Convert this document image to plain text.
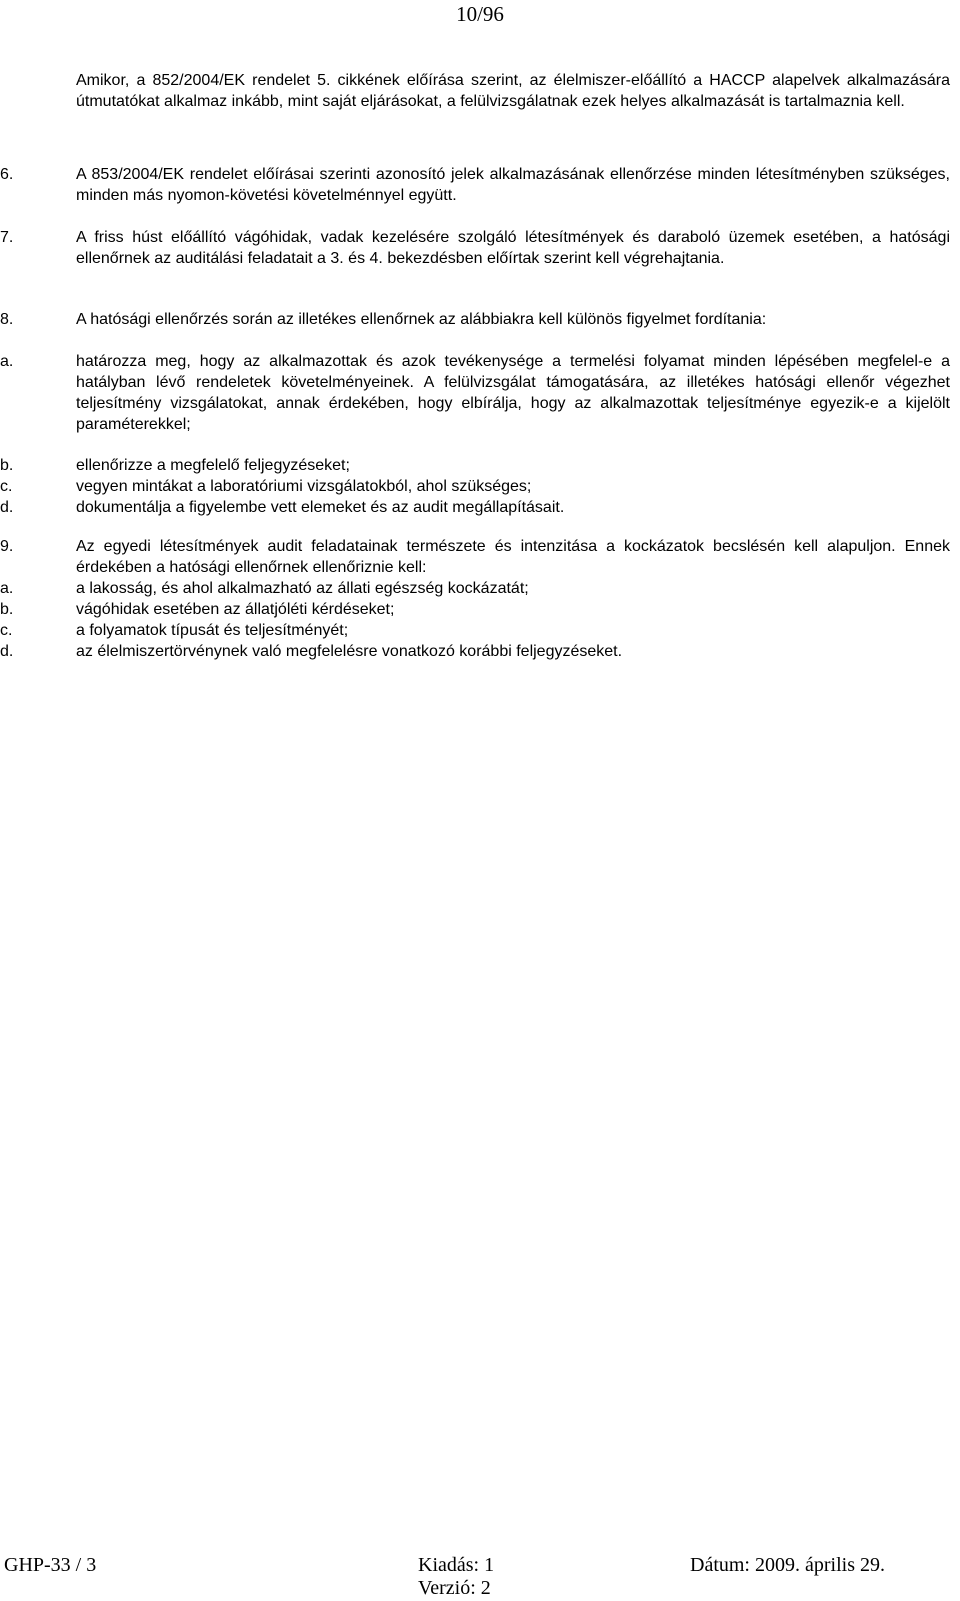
10/96

Amikor, a 852/2004/EK rendelet 5. cikkének előírása szerint, az élelmiszer-előállító a HACCP alapelvek alkalmazására útmutatókat alkalmaz inkább, mint saját eljárásokat, a felülvizsgálatnak ezek helyes alkalmazását is tartalmaznia kell.

6.	A 853/2004/EK rendelet előírásai szerinti azonosító jelek alkalmazásának ellenőrzése minden létesítményben szükséges, minden más nyomon-követési követelménnyel együtt.
7.	A friss húst előállító vágóhidak, vadak kezelésére szolgáló létesítmények és daraboló üzemek esetében, a hatósági ellenőrnek az auditálási feladatait a 3. és 4. bekezdésben előírtak szerint kell végrehajtania.
8.	A hatósági ellenőrzés során az illetékes ellenőrnek az alábbiakra kell különös figyelmet fordítania:
a.	határozza meg, hogy az alkalmazottak és azok tevékenysége a termelési folyamat minden lépésében megfelel-e a hatályban lévő rendeletek követelményeinek. A felülvizsgálat támogatására, az illetékes hatósági ellenőr végezhet teljesítmény vizsgálatokat, annak érdekében, hogy elbírálja, hogy az alkalmazottak teljesítménye egyezik-e a kijelölt paraméterekkel;
b.	ellenőrizze a megfelelő feljegyzéseket;
c.	vegyen mintákat a laboratóriumi vizsgálatokból, ahol szükséges;
d.	dokumentálja a figyelembe vett elemeket és az audit megállapításait.
9.	Az egyedi létesítmények audit feladatainak természete és intenzitása a kockázatok becslésén kell alapuljon. Ennek érdekében a hatósági ellenőrnek ellenőriznie kell:
a.	a lakosság, és ahol alkalmazható az állati egészség kockázatát;
b.	vágóhidak esetében az állatjóléti kérdéseket;
c.	a folyamatok típusát és teljesítményét;
d.	az élelmiszertörvénynek való megfelelésre vonatkozó korábbi feljegyzéseket.
GHP-33 / 3	Kiadás: 1
Verzió: 2
Dátum: 2009. április 29.
